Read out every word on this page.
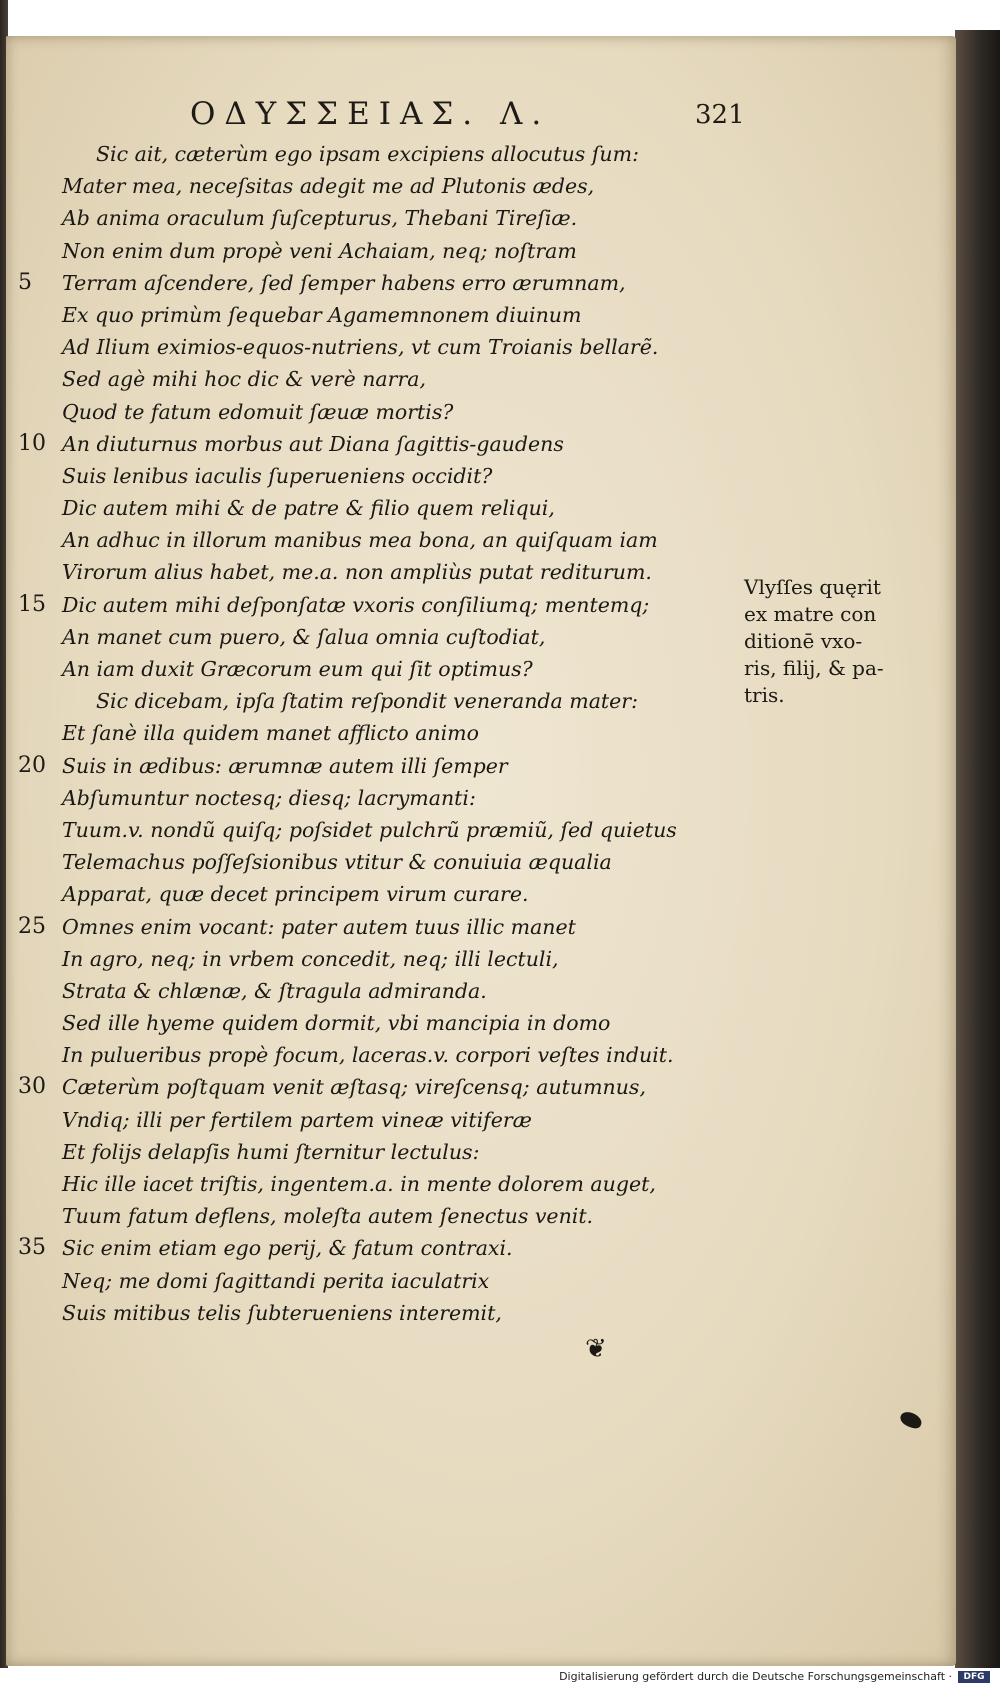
ΟΔΥΣΣΕΙΑΣ. Λ.	321
Sic ait, cæterùm ego ipsam excipiens allocutus ſum:
Mater mea, neceſsitas adegit me ad Plutonis ædes,
Ab anima oraculum ſuſcepturus, Thebani Tireſiæ.
Non enim dum propè veni Achaiam, neq; noſtram
5	Terram aſcendere, ſed ſemper habens erro ærumnam,
Ex quo primùm ſequebar Agamemnonem diuinum
Ad Ilium eximios-equos-nutriens, vt cum Troianis bellarẽ.
Sed agè mihi hoc dic & verè narra,
Quod te fatum edomuit ſæuæ mortis?
10 An diuturnus morbus aut Diana ſagittis-gaudens
Suis lenibus iaculis ſuperueniens occidit?
Dic autem mihi & de patre & filio quem reliqui,
An adhuc in illorum manibus mea bona, an quiſquam iam
Virorum alius habet, me.a. non ampliùs putat rediturum.
15 Dic autem mihi deſponſatæ vxoris conſiliumq; mentemq;
An manet cum puero, & ſalua omnia cuſtodiat,
An iam duxit Græcorum eum qui ſit optimus?
Sic dicebam, ipſa ſtatim reſpondit veneranda mater:
Et ſanè illa quidem manet afflicto animo
20 Suis in ædibus: ærumnæ autem illi ſemper
Abſumuntur noctesq; diesq; lacrymanti:
Tuum.v. nondũ quiſq; poſsidet pulchrũ præmiũ, ſed quietus
Telemachus poſſeſsionibus vtitur & conuiuia æqualia
Apparat, quæ decet principem virum curare.
25 Omnes enim vocant: pater autem tuus illic manet
In agro, neq; in vrbem concedit, neq; illi lectuli,
Strata & chlænæ, & ſtragula admiranda.
Sed ille hyeme quidem dormit, vbi mancipia in domo
In pulueribus propè focum, laceras.v. corpori veſtes induit.
30 Cæterùm poſtquam venit æſtasq; vireſcensq; autumnus,
Vndiq; illi per fertilem partem vineæ vitiferæ
Et folijs delapſis humi ſternitur lectulus:
Hic ille iacet triſtis, ingentem.a. in mente dolorem auget,
Tuum fatum deflens, moleſta autem ſenectus venit.
35 Sic enim etiam ego perij, & fatum contraxi.
Neq; me domi ſagittandi perita iaculatrix
Suis mitibus telis ſubterueniens interemit,
Vlyſſes quęrit
ex matre con
ditionē vxo-
ris, filij, & pa-
tris.
❦
Digitalisierung gefördert durch die Deutsche Forschungsgemeinschaft ·	DFG
